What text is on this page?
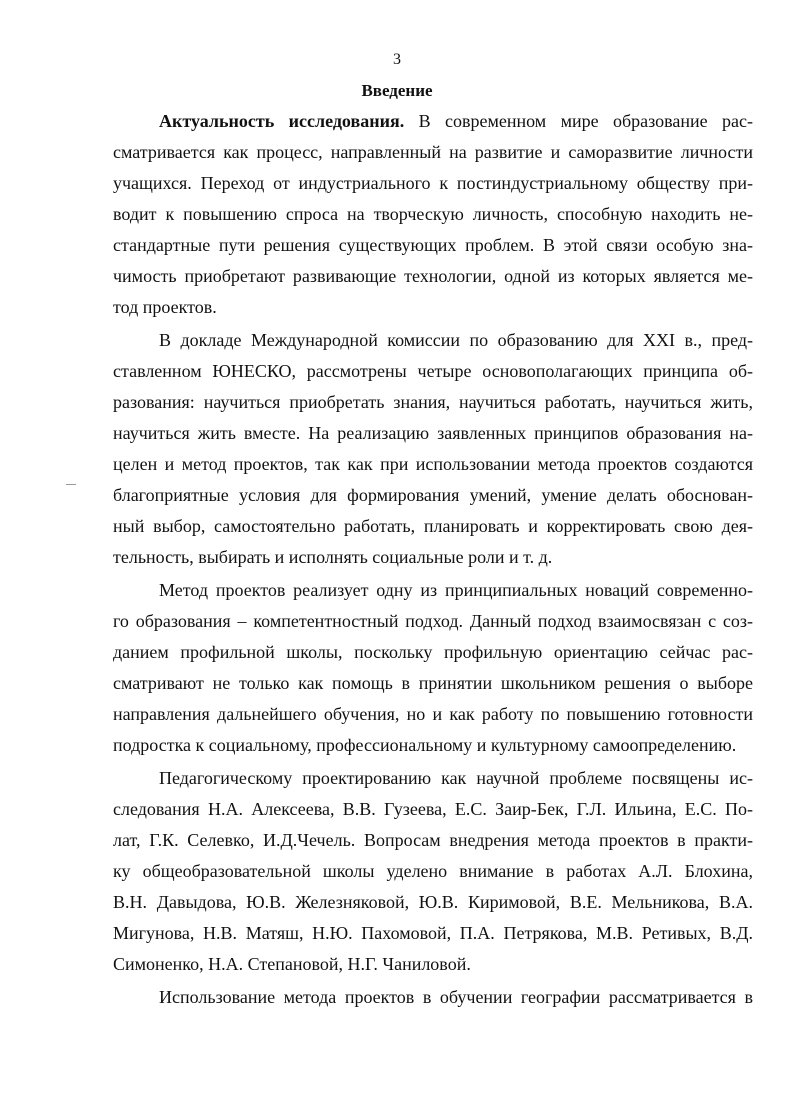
3
Введение

Актуальность исследования. В современном мире образование рас-
сматривается как процесс, направленный на развитие и саморазвитие личности
учащихся. Переход от индустриального к постиндустриальному обществу при-
водит к повышению спроса на творческую личность, способную находить не-
стандартные пути решения существующих проблем. В этой связи особую зна-
чимость приобретают развивающие технологии, одной из которых является ме-
тод проектов.

В докладе Международной комиссии по образованию для XXI в., пред-
ставленном ЮНЕСКО, рассмотрены четыре основополагающих принципа об-
разования: научиться приобретать знания, научиться работать, научиться жить,
научиться жить вместе. На реализацию заявленных принципов образования на-
целен и метод проектов, так как при использовании метода проектов создаются
благоприятные условия для формирования умений, умение делать обоснован-
ный выбор, самостоятельно работать, планировать и корректировать свою дея-
тельность, выбирать и исполнять социальные роли и т. д.

Метод проектов реализует одну из принципиальных новаций современно-
го образования – компетентностный подход. Данный подход взаимосвязан с соз-
данием профильной школы, поскольку профильную ориентацию сейчас рас-
сматривают не только как помощь в принятии школьником решения о выборе
направления дальнейшего обучения, но и как работу по повышению готовности
подростка к социальному, профессиональному и культурному самоопределению.

Педагогическому проектированию как научной проблеме посвящены ис-
следования Н.А. Алексеева, В.В. Гузеева, Е.С. Заир-Бек, Г.Л. Ильина, Е.С. По-
лат, Г.К. Селевко, И.Д.Чечель. Вопросам внедрения метода проектов в практи-
ку общеобразовательной школы уделено внимание в работах А.Л. Блохина,
В.Н. Давыдова, Ю.В. Железняковой, Ю.В. Киримовой, В.Е. Мельникова, В.А.
Мигунова, Н.В. Матяш, Н.Ю. Пахомовой, П.А. Петрякова, М.В. Ретивых, В.Д.
Симоненко, Н.А. Степановой, Н.Г. Чаниловой.

Использование метода проектов в обучении географии рассматривается в
